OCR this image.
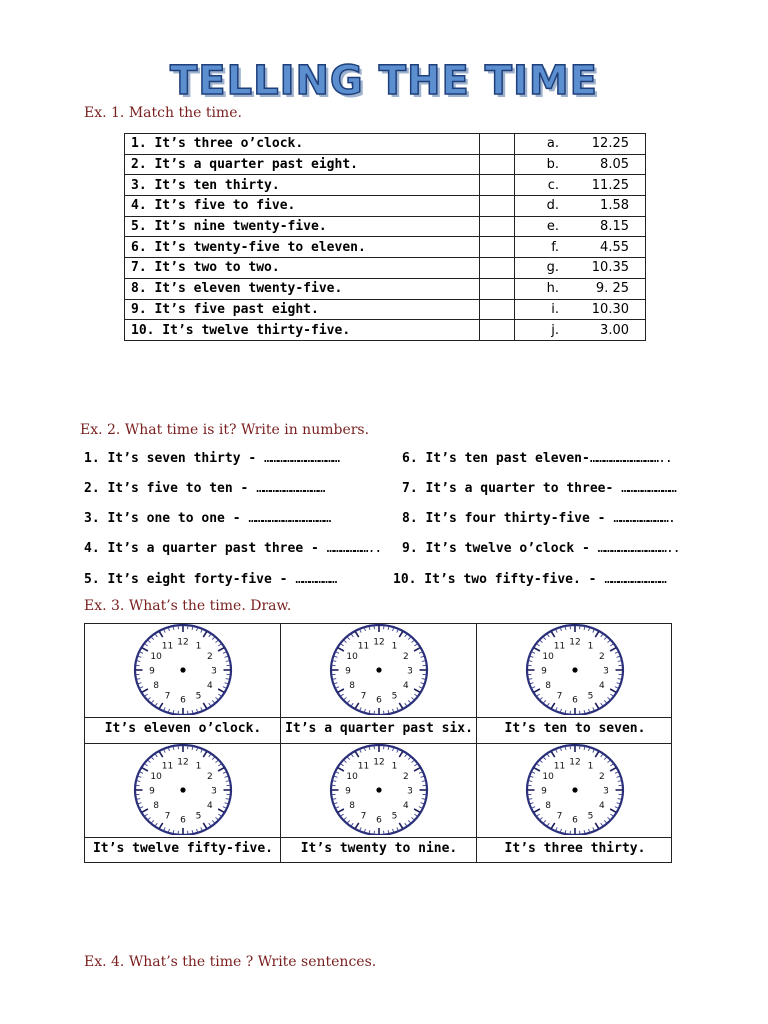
TELLING THE TIME
Ex. 1. Match the time.
1. It’s three o’clock.		a. 12.25
2. It’s a quarter past eight.		b. 8.05
3. It’s ten thirty.		c. 11.25
4. It’s five to five.		d. 1.58
5. It’s nine twenty-five.		e. 8.15
6. It’s twenty-five to eleven.		f. 4.55
7. It’s two to two.		g. 10.35
8. It’s eleven twenty-five.		h. 9. 25
9. It’s five past eight.		i. 10.30
10. It’s twelve thirty-five.		j. 3.00
Ex. 2. What time is it? Write in numbers.
1. It’s seven thirty - ……………………………
2. It’s five to ten - …………………………
3. It’s one to one - ………………………………
4. It’s a quarter past three - ………………..
5. It’s eight forty-five - ………………
6. It’s ten past eleven-…………………………..
7. It’s a quarter to three- ……………………
8. It’s four thirty-five - …………………….
9. It’s twelve o’clock - …………………………..
10. It’s two fifty-five. - ………………………
Ex. 3. What’s the time. Draw.
12 1
2
3
4
5
6
7
8
9
10
11
It’s eleven o’clock.
12 1
2
3
4
5
6
7
8
9
10
11
It’s a quarter past six.
12 1
2
3
4
5
6
7
8
9
10
11
It’s ten to seven.
12 1
2
3
4
5
6
7
8
9
10
11
It’s twelve fifty-five.
12 1
2
3
4
5
6
7
8
9
10
11
It’s twenty to nine.
12 1
2
3
4
5
6
7
8
9
10
11
It’s three thirty.
Ex. 4. What’s the time ? Write sentences.
